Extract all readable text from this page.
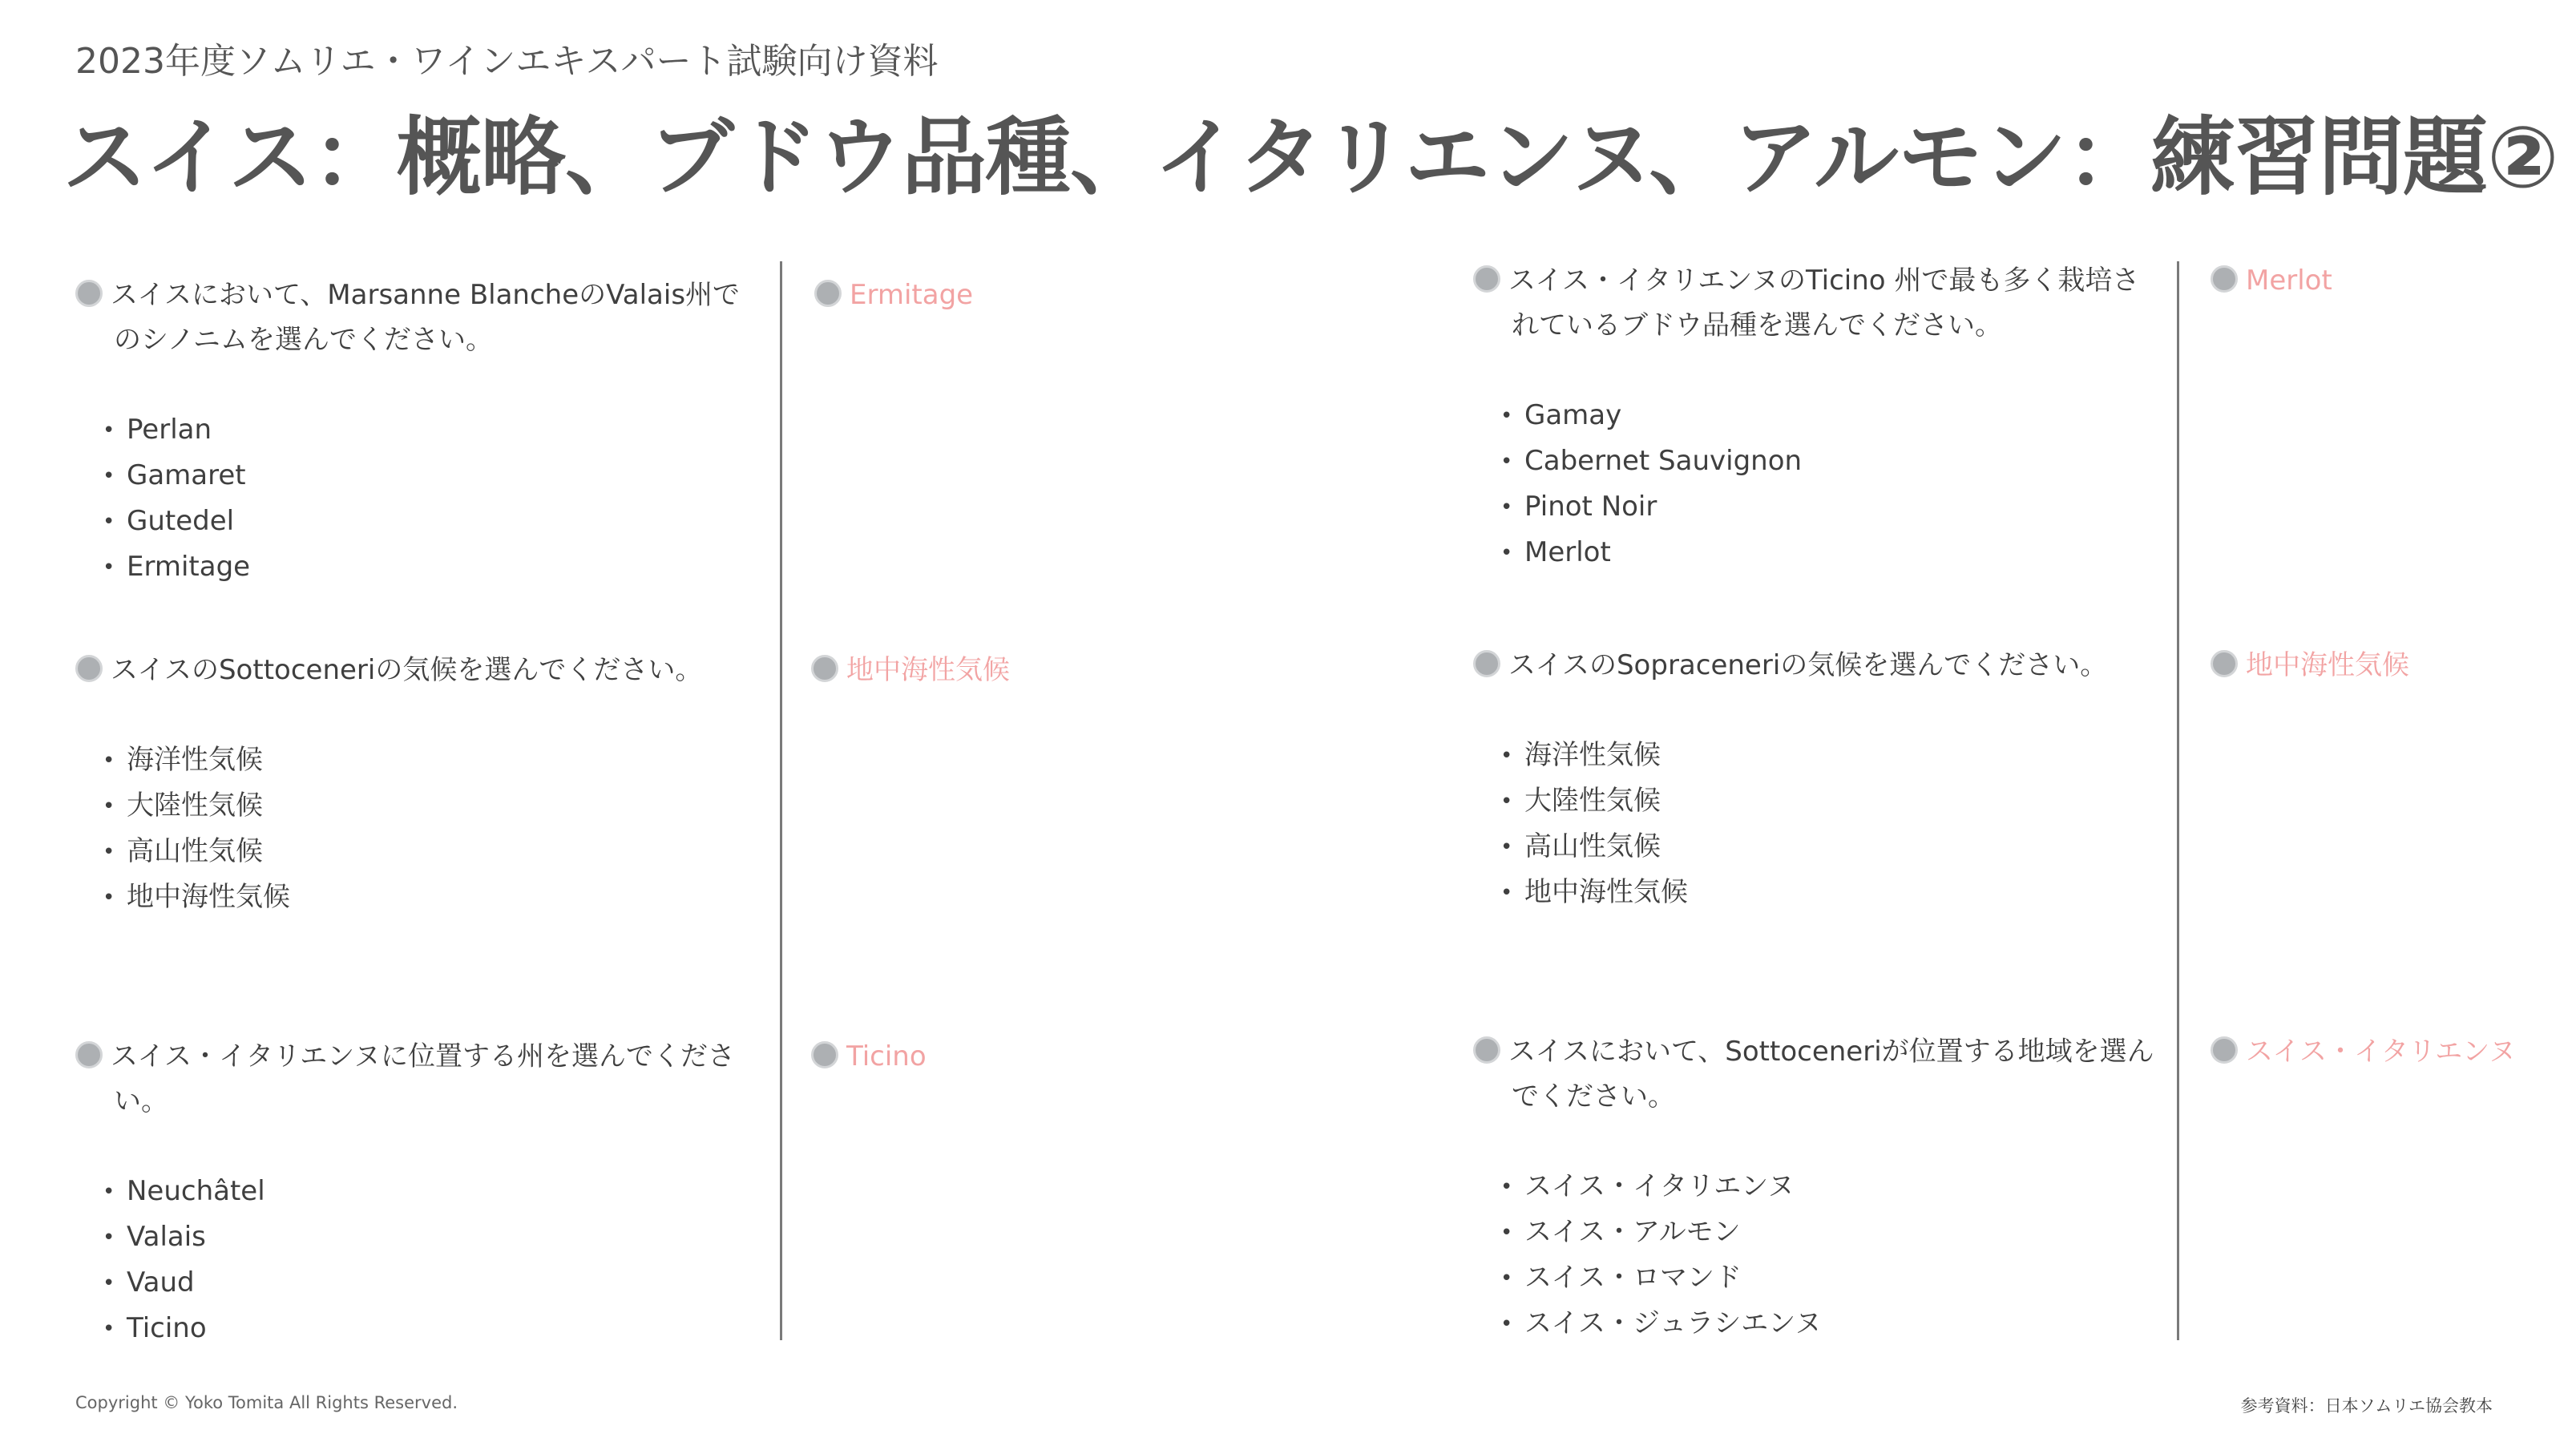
2023年度ソムリエ・ワインエキスパート試験向け資料
スイス：概略、ブドウ品種、イタリエンヌ、アルモン：練習問題②
スイスにおいて、Marsanne BlancheのValais州でのシノニムを選んでください。
• Perlan
• Gamaret
• Gutedel
• Ermitage
Ermitage
スイスのSottoceneriの気候を選んでください。
• 海洋性気候
• 大陸性気候
• 高山性気候
• 地中海性気候
地中海性気候
スイス・イタリエンヌに位置する州を選んでください。
• Neuchâtel
• Valais
• Vaud
• Ticino
Ticino
スイス・イタリエンヌのTicino 州で最も多く栽培されているブドウ品種を選んでください。
• Gamay
• Cabernet Sauvignon
• Pinot Noir
• Merlot
Merlot
スイスのSopraceneriの気候を選んでください。
• 海洋性気候
• 大陸性気候
• 高山性気候
• 地中海性気候
地中海性気候
スイスにおいて、Sottoceneriが位置する地域を選んでください。
• スイス・イタリエンヌ
• スイス・アルモン
• スイス・ロマンド
• スイス・ジュラシエンヌ
スイス・イタリエンヌ
Copyright © Yoko Tomita All Rights Reserved.	参考資料：日本ソムリエ協会教本
